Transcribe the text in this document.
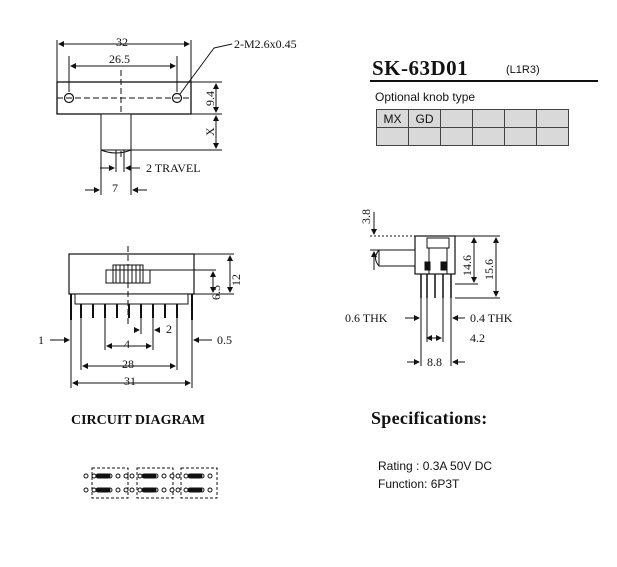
32
26.5
2-M2.6x0.45
9.4
X
2 TRAVEL
7
12
6.5
2
4
1	0.5
28
31
3.8
14.6 15.6
0.6 THK	0.4 THK
4.2
8.8
SK-63D01	(L1R3)
Optional knob type
MX	GD				

CIRCUIT DIAGRAM	Specifications:
Rating : 0.3A 50V DC
Function: 6P3T
